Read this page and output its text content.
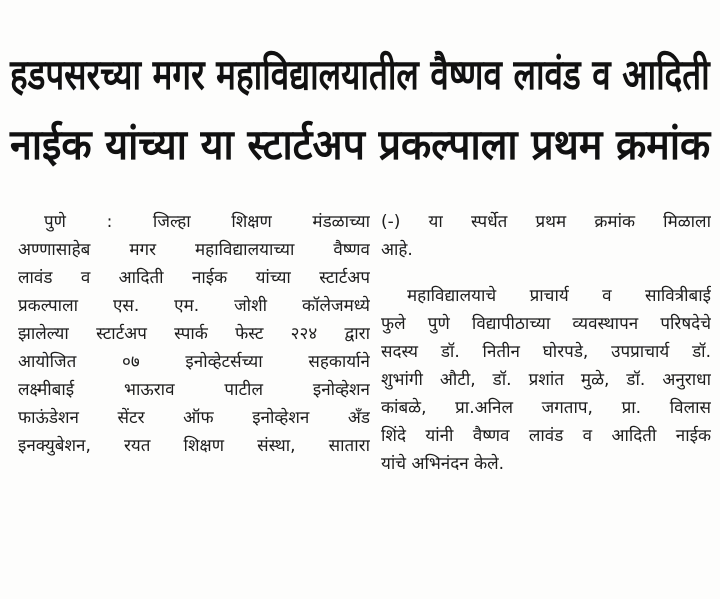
हडपसरच्या मगर महाविद्यालयातील वैष्णव लावंड व आदिती
नाईक यांच्या या स्टार्टअप प्रकल्पाला प्रथम क्रमांक
पुणे : जिल्हा शिक्षण मंडळाच्या
अण्णासाहेब मगर महाविद्यालयाच्या वैष्णव
लावंड व आदिती नाईक यांच्या स्टार्टअप
प्रकल्पाला एस. एम. जोशी कॉलेजमध्ये
झालेल्या स्टार्टअप स्पार्क फेस्ट २२४ द्वारा
आयोजित ०७ इनोव्हेटर्सच्या सहकार्याने
लक्ष्मीबाई भाऊराव पाटील इनोव्हेशन
फाऊंडेशन सेंटर ऑफ इनोव्हेशन अँड
इनक्युबेशन, रयत शिक्षण संस्था, सातारा
(-) या स्पर्धेत प्रथम क्रमांक मिळाला
आहे.
महाविद्यालयाचे प्राचार्य व सावित्रीबाई
फुले पुणे विद्यापीठाच्या व्यवस्थापन परिषदेचे
सदस्य डॉ. नितीन घोरपडे, उपप्राचार्य डॉ.
शुभांगी औटी, डॉ. प्रशांत मुळे, डॉ. अनुराधा
कांबळे, प्रा.अनिल जगताप, प्रा. विलास
शिंदे यांनी वैष्णव लावंड व आदिती नाईक
यांचे अभिनंदन केले.
